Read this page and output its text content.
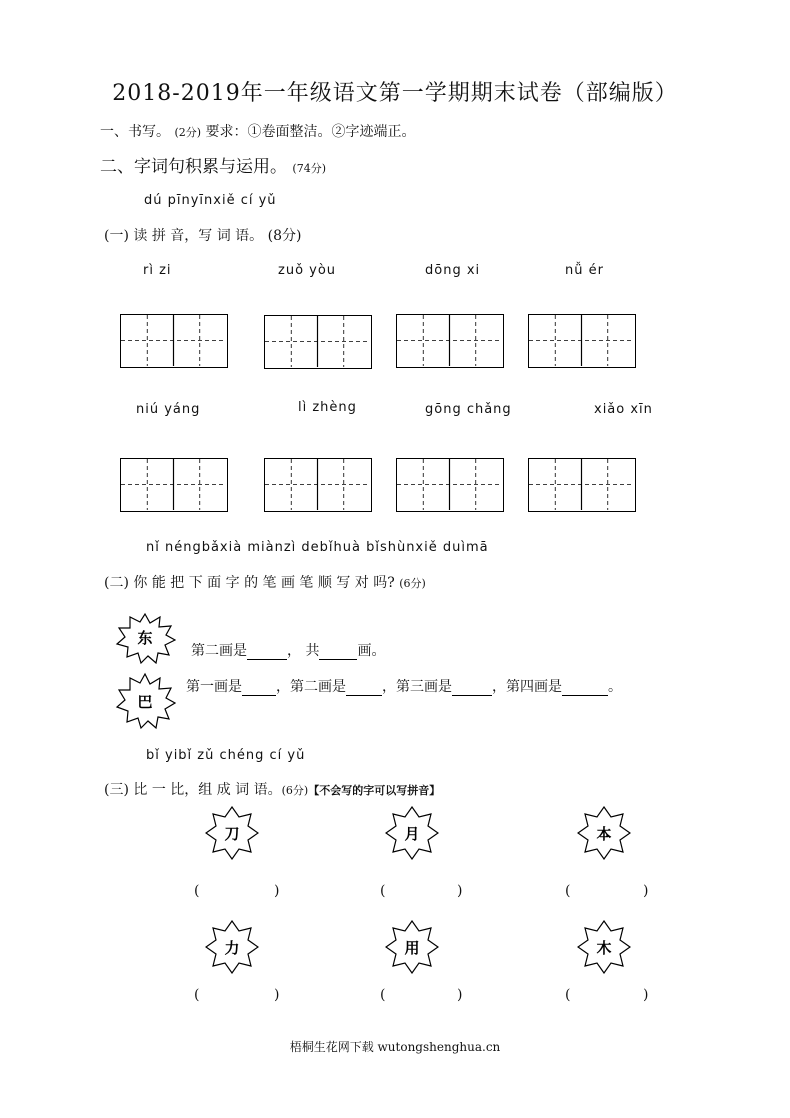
2018-2019年一年级语文第一学期期末试卷（部编版）
一、书写。 (2分) 要求：①卷面整洁。②字迹端正。
二、字词句积累与运用。 (74分)
dú pīnyīnxiě cí yǔ
(一) 读 拼 音，写 词 语。 (8分)
rì zi	zuǒ yòu	dōng xi	nǚ ér
niú yáng	lì zhèng	gōng chǎng	xiǎo xīn
nǐ néngbǎxià miànzì debǐhuà bǐshùnxiě duìmā
(二) 你 能 把 下 面 字 的 笔 画 笔 顺 写 对 吗? (6分)
东
第二画是	， 共	画。
巴
第一画是 ，第二画是	，第三画是	，第四画是	。
bǐ yibǐ zǔ chéng cí yǔ
(三) 比 一 比，组 成 词 语。(6分)【不会写的字可以写拼音】
刀	月	本
(	)	(	)	(	)
力	用	木
(	)	(	)	(	)
梧桐生花网下载 wutongshenghua.cn
